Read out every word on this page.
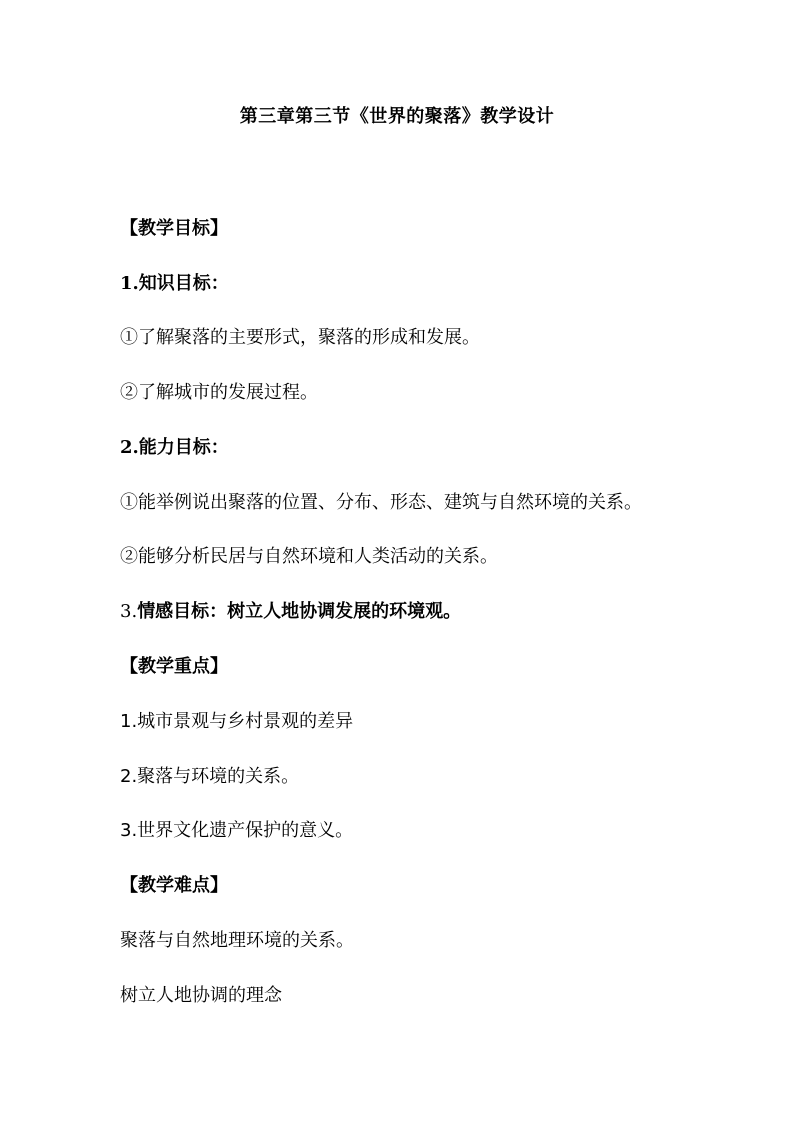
第三章第三节《世界的聚落》教学设计
【教学目标】
1.知识目标：
①了解聚落的主要形式，聚落的形成和发展。
②了解城市的发展过程。
2.能力目标：
①能举例说出聚落的位置、分布、形态、建筑与自然环境的关系。
②能够分析民居与自然环境和人类活动的关系。
3.情感目标：树立人地协调发展的环境观。
【教学重点】
1.城市景观与乡村景观的差异
2.聚落与环境的关系。
3.世界文化遗产保护的意义。
【教学难点】
聚落与自然地理环境的关系。
树立人地协调的理念
